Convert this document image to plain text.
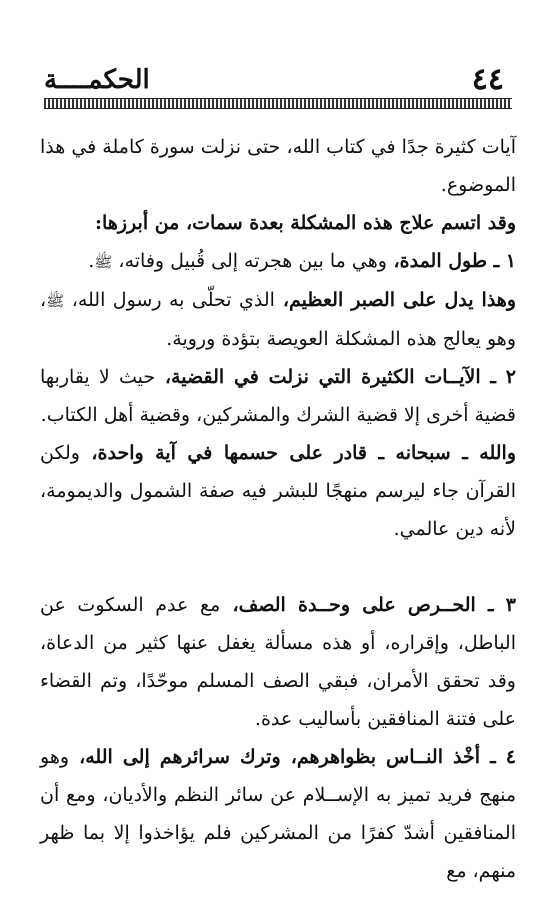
٤٤
الحكمــــة

آيات كثيرة جدًا في كتاب الله، حتى نزلت سورة كاملة في هذا الموضوع.

وقد اتسم علاج هذه المشكلة بعدة سمات، من أبرزها:

١ ـ طول المدة، وهي ما بين هجرته إلى قُبيل وفاته، ﷺ.

وهذا يدل على الصبر العظيم، الذي تحلّى به رسول الله، ﷺ، وهو يعالج هذه المشكلة العويصة بتؤدة وروية.

٢ ـ الآيــات الكثيرة التي نزلت في القضية، حيث لا يقاربها قضية أخرى إلا قضية الشرك والمشركين، وقضية أهل الكتاب.

والله ـ سبحانه ـ قادر على حسمها في آية واحدة، ولكن القرآن جاء ليرسم منهجًا للبشر فيه صفة الشمول والديمومة، لأنه دين عالمي.

٣ ـ الحــرص على وحــدة الصف، مع عدم السكوت عن الباطل، وإقراره، أو هذه مسألة يغفل عنها كثير من الدعاة، وقد تحقق الأمران، فبقي الصف المسلم موحّدًا، وتم القضاء على فتنة المنافقين بأساليب عدة.

٤ ـ أخْذ النــاس بظواهرهم، وترك سرائرهم إلى الله، وهو منهج فريد تميز به الإســلام عن سائر النظم والأديان، ومع أن المنافقين أشدّ كفرًا من المشركين فلم يؤاخذوا إلا بما ظهر منهم، مع
